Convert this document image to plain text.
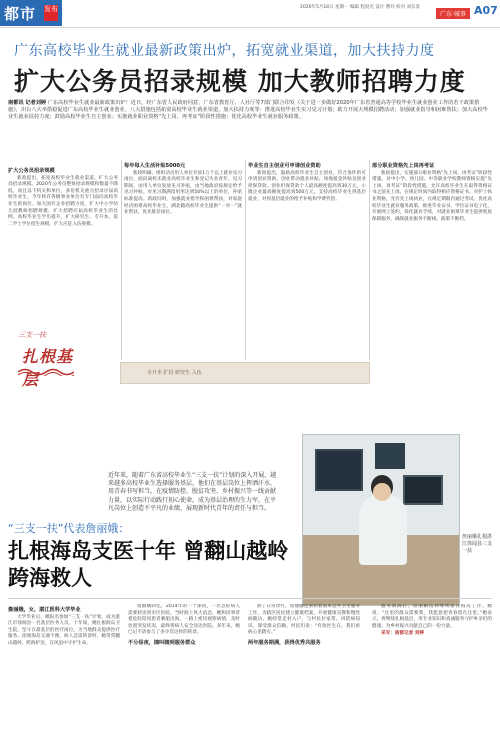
都市 发布	2020年5月18日 星期一 编辑 程晨光 设计 曹玲 校对 刘东发
广东·城事 A07
广东高校毕业生就业最新政策出炉，拓宽就业渠道，加大扶持力度
扩大公务员招录规模 加大教师招聘力度
南都讯 记者刘婷 广东高校毕业生就业最新政策出炉！近日，经广东省人民政府同意，广东省教育厅、人社厅等7部门联合印发《关于进一步做好2020年广东省普通高等学校毕业生就业创业工作的若干政策措施》，出台八大举措稳促进广东高校毕业生就业创业，八大措施包括拓宽高校毕业生就业渠道、加大扶持力度等：推进高校毕业生实习见习计划；助力开展大规模招聘活动；加强就业指导和困难帮扶；加大高校毕业生就业扶持力度；鼓励高校毕业生自主创业；实施就业职业资格“先上岗、再考证”阶段性措施；优化高校毕业生就业服务政策。

扩大公务员招录规模

新政提出，拓宽高校毕业生就业渠道。扩大公务员招录规模。2020年公务员整体招录规模和数量不降低，而且以下机关和单位，多倍机关重点招录应届高校毕业生，今年将有各级事业单位有专门面向高校毕业生的岗位。加大国有企业招聘力度，扩大中小学幼儿园教师招聘规模，扩大招聘应届高校毕业生的比例。高校毕业生学历提升，扩大研究生、专升本、第二学士学位招生规模，扩大应征入伍规模。

每年每人生活补贴5000元

新政明确，组织动员用人单位开放1万个以上就业见习岗位，面向离校未就业高校毕业生和登记失业青年。见习期间，由用人单位发放见习补贴，由当地政府按规定给予见习补贴。对见习期满留用率达到50%以上的单位，补贴标准提高。新政同时，加强就业指导和困难帮扶，对家庭经济困难高校毕业生、湖北籍高校毕业生提供“一对一”就业帮扶，优先推荐岗位。

毕业生自主创业可申请创业资助

新政提出，鼓励高校毕业生自主创业，符合条件的可申请创业资助、创业带动就业补贴、场地租金补贴及创业担保贷款。创业担保贷款个人最高额度提高到30万元，小微企业最高额度提高到500万元。支持高校毕业生到基层就业，对到基层就业的给予补贴和学费代偿。

部分职业资格先上岗再考证

新政提出，实施部分职业资格“先上岗、再考证”阶段性措施。对中小学、幼儿园、中等职业学校教师资格实施“先上岗、再考证”阶段性措施。允许高校毕业生在取得资格证书之前先上岗，在规定时间内取得相应资格证书。对护士执业资格，允许先上岗执业，在规定期限内通过考试。优化高校毕业生就业服务政策，推进毕业证书、学位证书电子化，开展网上签约，简化就业手续，对就业困难毕业生提供兜底保障服务，确保就业服务不断线、政策不断档。

专升本 扩招 研究生 入伍
三支一扶
扎根基层
近年来，随着广东省高校毕业生“三支一扶”计划的深入开展，越来越多高校毕业生选择服务基层，他们在基层岗位上挥洒汗水，用青春书写担当，在疫情防控、脱贫攻坚、乡村振兴等一线贡献力量，以实际行动践行初心使命，成为基层治理的生力军，在平凡岗位上创造不平凡的业绩，展现新时代青年的责任与担当。
詹丽娥扎根湛江徐闻县三支一扶
“三支一扶”代表詹丽娥：
扎根海岛支医十年 曾翻山越岭跨海救人

詹丽娥，女，湛江医科大学毕业

大学毕业后，她报名参加“三支一扶”计划，成为湛江市徐闻县一名基层医务人员。十年间，她扎根海岛卫生院，坚守在最基层的医疗岗位，为当地群众提供医疗服务。徐闻海岛交通不便，病人急需转诊时，她常常翻山越岭、跨海护送，在风浪中守护生命。

詹丽娥回忆，2014年的一个深夜，一名急症病人需要转送到市区医院，当时海上风大浪急，她和同事冒着危险陪同患者乘船出海，一路上密切观察病情，及时处置突发状况，最终将病人安全送达医院。多年来，她已记不清参与了多少次这样的转诊。

不分昼夜，随叫随到服务群众

除了日常诊疗，詹丽娥还承担着基本公共卫生服务工作，为辖区居民建立健康档案，开展健康宣教和慢性病随访。她经常走村入户，与村民拉家常、讲防病知识，深受群众信赖。村民们说：“有詹医生在，我们看病心里踏实。”

两年服务期满，获得优秀共服务

服务期满后，詹丽娥选择继续留在海岛工作。她说：“这里的群众需要我，我愿意把青春留在这里。”她表示，将继续扎根基层，用专业知识和真诚服务守护乡亲们的健康，为乡村振兴贡献自己的一份力量。

采写：南都记者 刘婷
